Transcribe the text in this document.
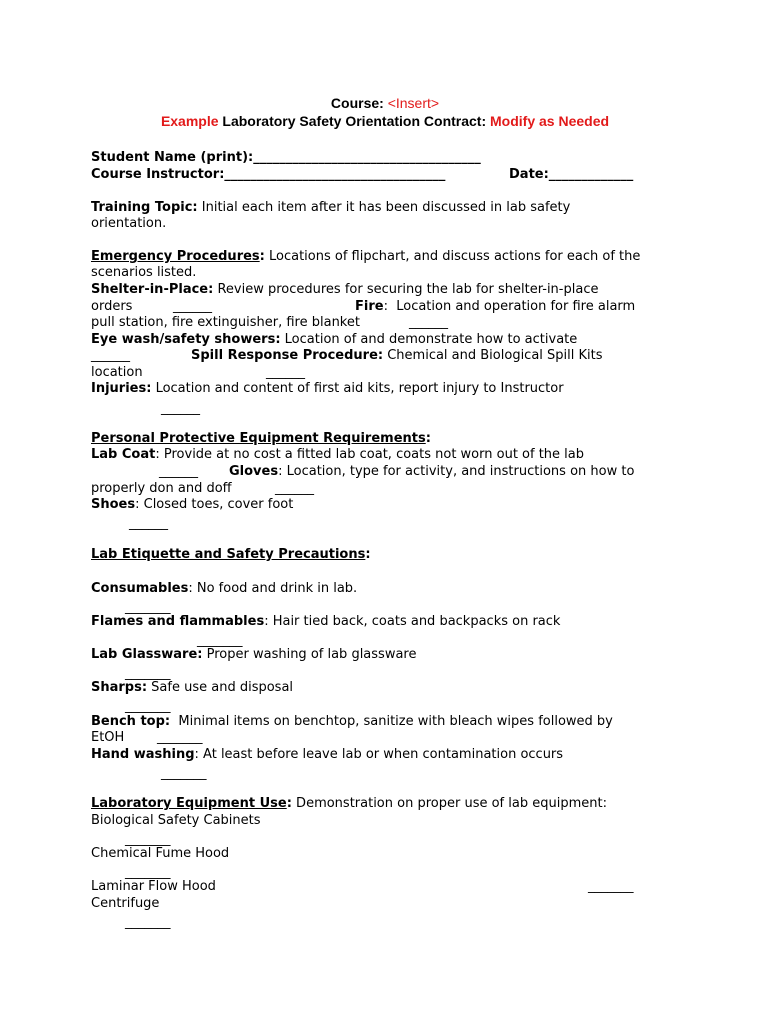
Course: <Insert>
Example Laboratory Safety Orientation Contract: Modify as Needed
Student Name (print):___________________________________
Course Instructor:__________________________________	Date:_____________
Training Topic: Initial each item after it has been discussed in lab safety
orientation.
Emergency Procedures: Locations of flipchart, and discuss actions for each of the
scenarios listed.
Shelter-in-Place: Review procedures for securing the lab for shelter-in-place
orders	______	Fire:  Location and operation for fire alarm
pull station, fire extinguisher, fire blanket	______
Eye wash/safety showers: Location of and demonstrate how to activate
______	Spill Response Procedure: Chemical and Biological Spill Kits
location	______
Injuries: Location and content of first aid kits, report injury to Instructor
______
Personal Protective Equipment Requirements:
Lab Coat: Provide at no cost a fitted lab coat, coats not worn out of the lab
______ Gloves: Location, type for activity, and instructions on how to
properly don and doff	______
Shoes: Closed toes, cover foot
______
Lab Etiquette and Safety Precautions:
Consumables: No food and drink in lab.
_______
Flames and flammables: Hair tied back, coats and backpacks on rack
_______
Lab Glassware: Proper washing of lab glassware
_______
Sharps: Safe use and disposal
_______
Bench top:  Minimal items on benchtop, sanitize with bleach wipes followed by
EtOH	_______
Hand washing: At least before leave lab or when contamination occurs
_______
Laboratory Equipment Use: Demonstration on proper use of lab equipment:
Biological Safety Cabinets
_______
Chemical Fume Hood
_______
Laminar Flow Hood	_______
Centrifuge
_______
